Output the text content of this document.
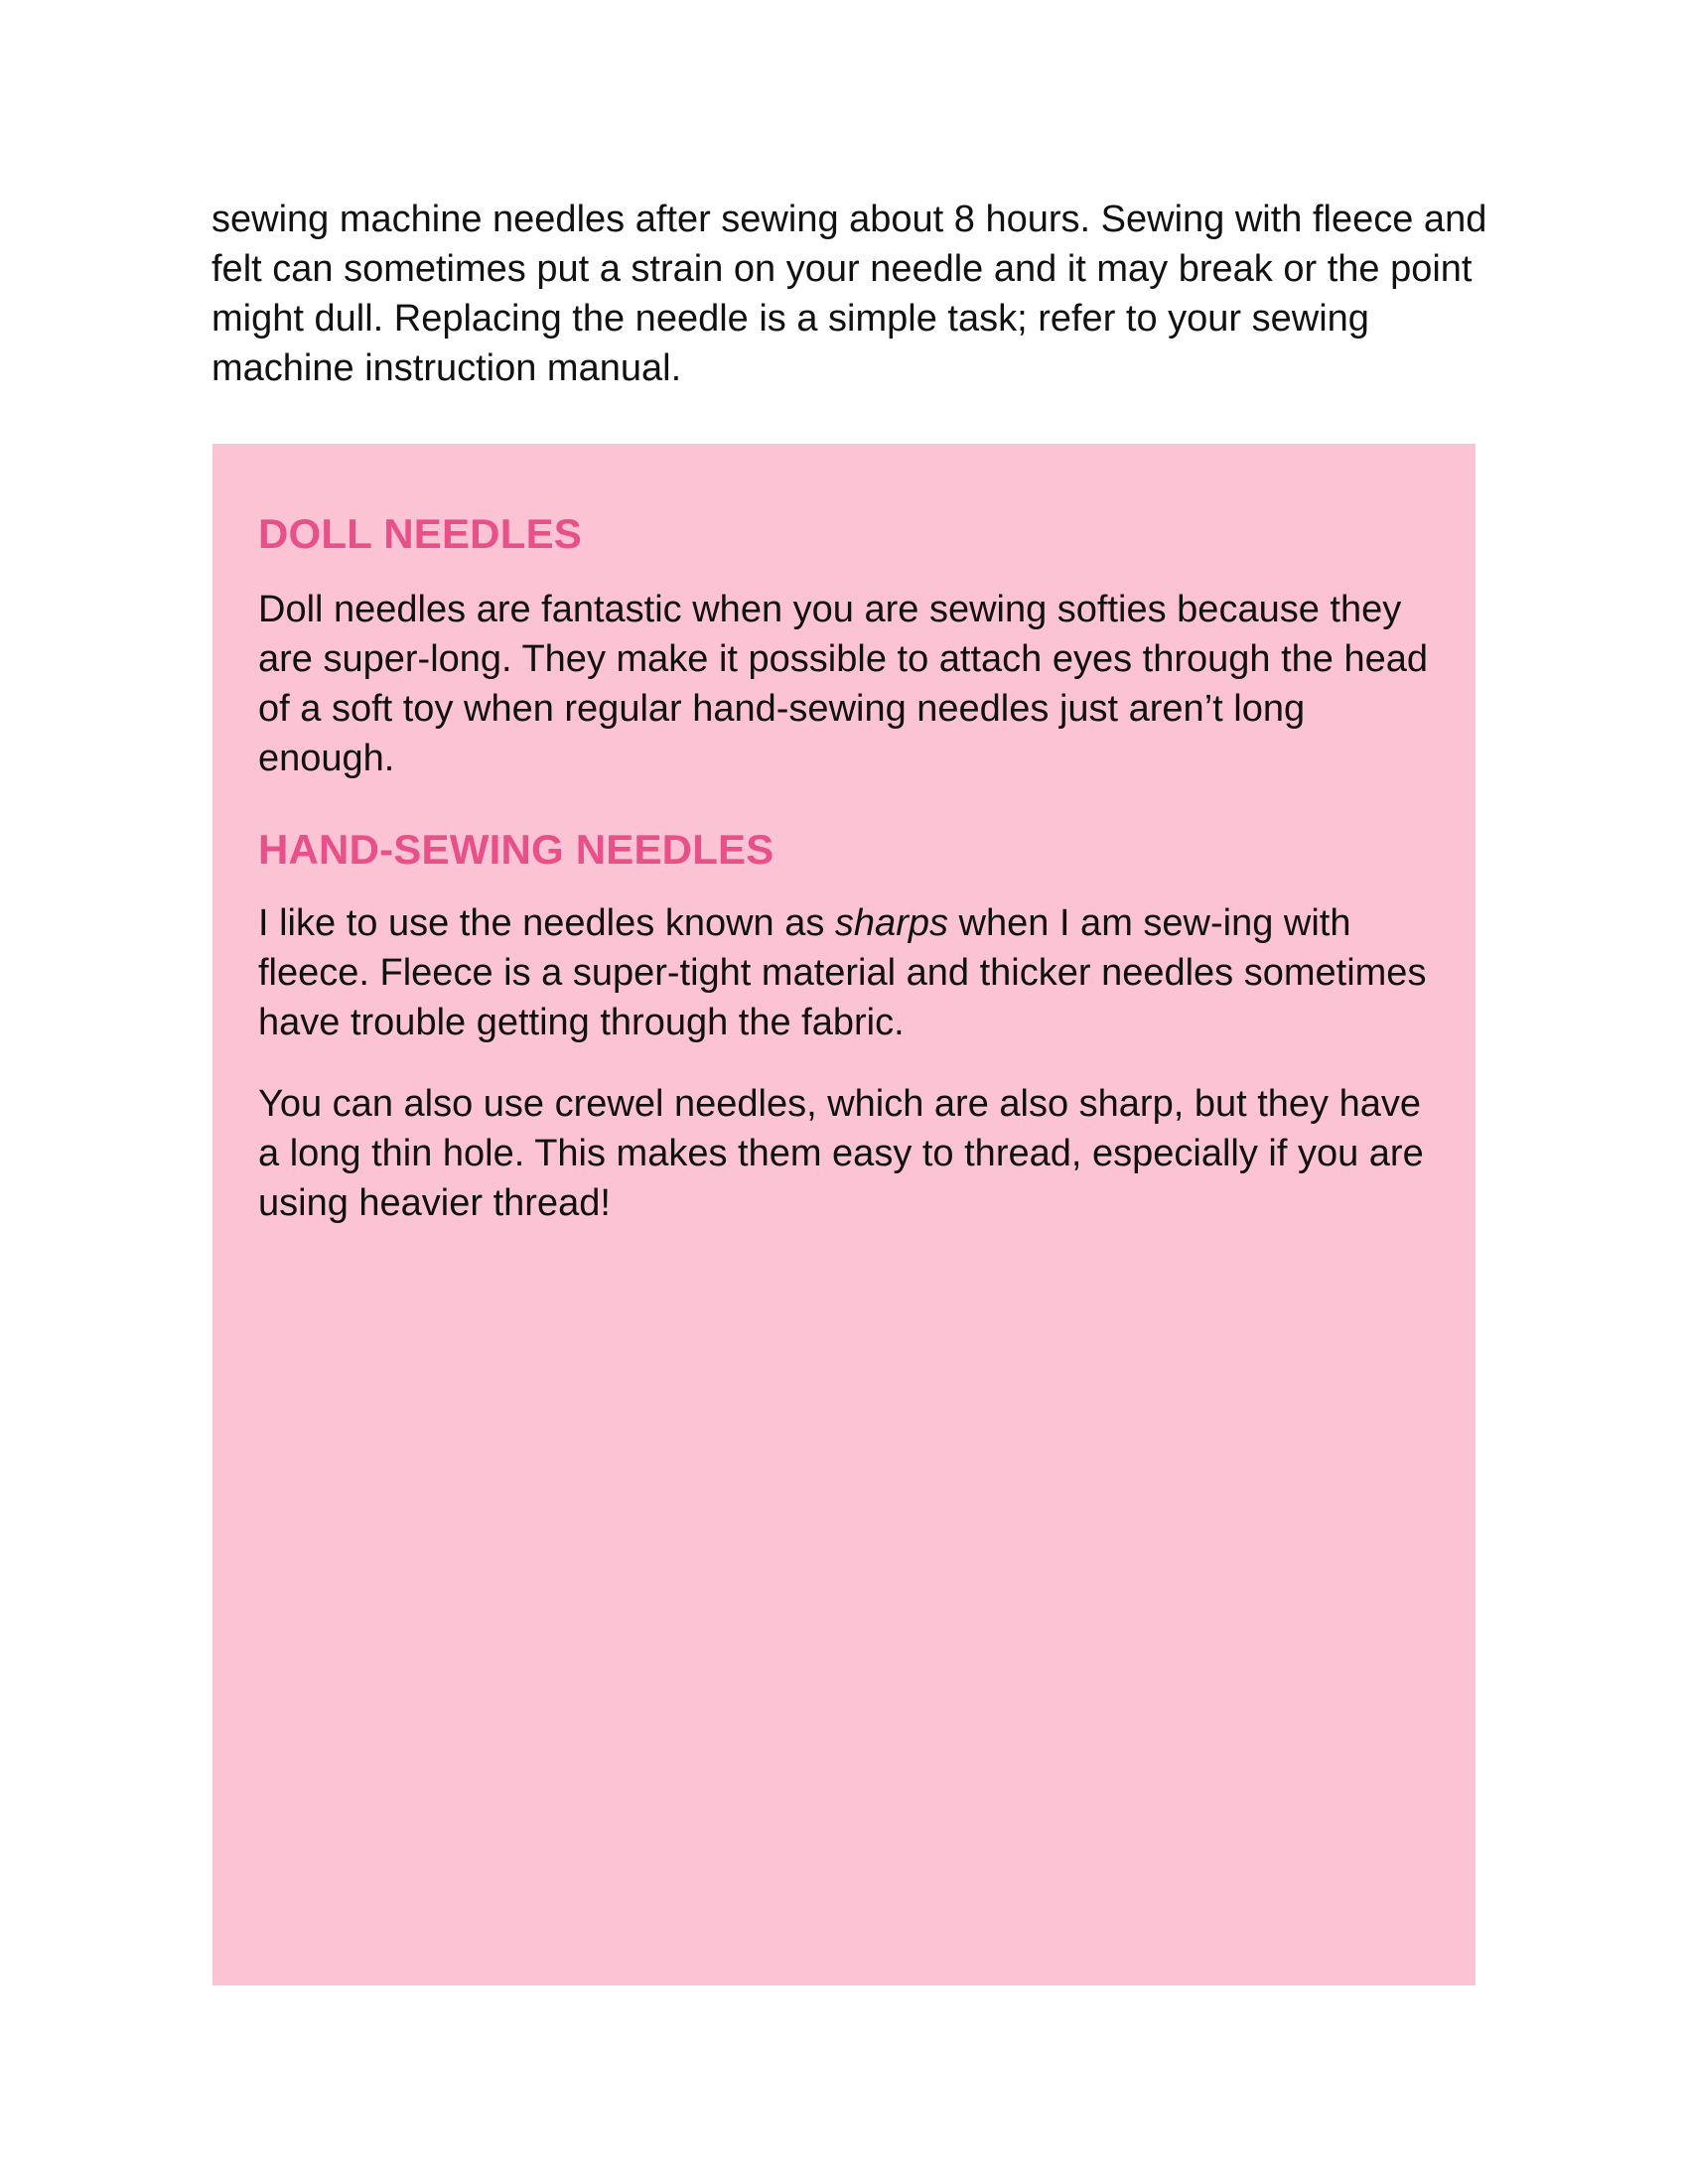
sewing machine needles after sewing about 8 hours. Sewing with fleece and felt can sometimes put a strain on your needle and it may break or the point might dull. Replacing the needle is a simple task; refer to your sewing machine instruction manual.

DOLL NEEDLES

Doll needles are fantastic when you are sewing softies because they are super-long. They make it possible to attach eyes through the head of a soft toy when regular hand-sewing needles just aren’t long enough.

HAND-SEWING NEEDLES

I like to use the needles known as sharps when I am sew-ing with fleece. Fleece is a super-tight material and thicker needles sometimes have trouble getting through the fabric.

You can also use crewel needles, which are also sharp, but they have a long thin hole. This makes them easy to thread, especially if you are using heavier thread!
